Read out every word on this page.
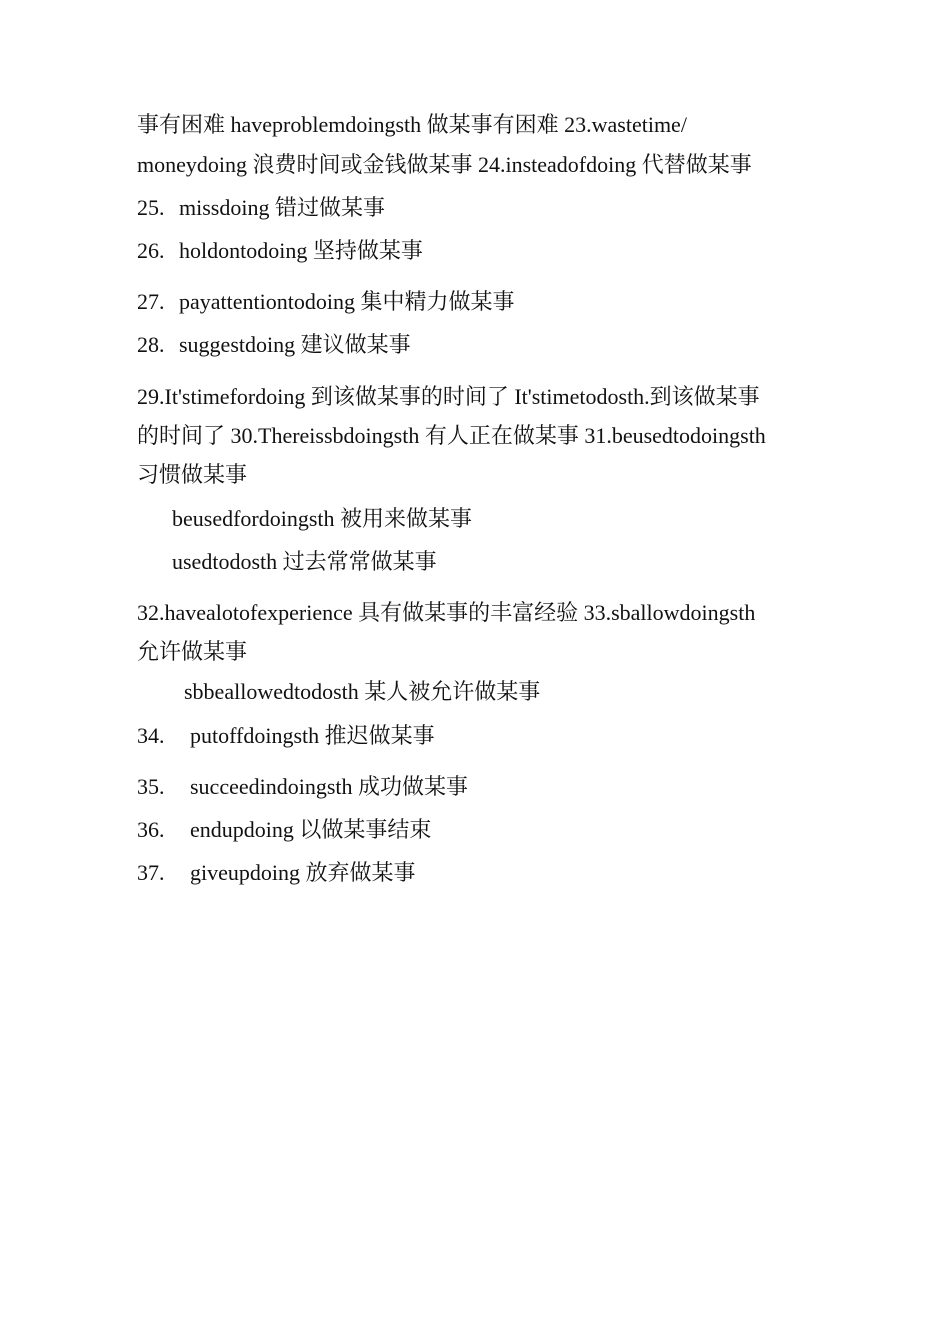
事有困难 haveproblemdoingsth 做某事有困难 23.wastetime/
moneydoing 浪费时间或金钱做某事 24.insteadofdoing 代替做某事
25. missdoing 错过做某事
26. holdontodoing 坚持做某事
27. payattentiontodoing 集中精力做某事
28. suggestdoing 建议做某事
29.It'stimefordoing 到该做某事的时间了 It'stimetodosth.到该做某事
的时间了 30.Thereissbdoingsth 有人正在做某事 31.beusedtodoingsth
习惯做某事
beusedfordoingsth 被用来做某事
usedtodosth 过去常常做某事
32.havealotofexperience 具有做某事的丰富经验 33.sballowdoingsth
允许做某事
sbbeallowedtodosth 某人被允许做某事
34. putoffdoingsth 推迟做某事
35. succeedindoingsth 成功做某事
36. endupdoing 以做某事结束
37. giveupdoing 放弃做某事
